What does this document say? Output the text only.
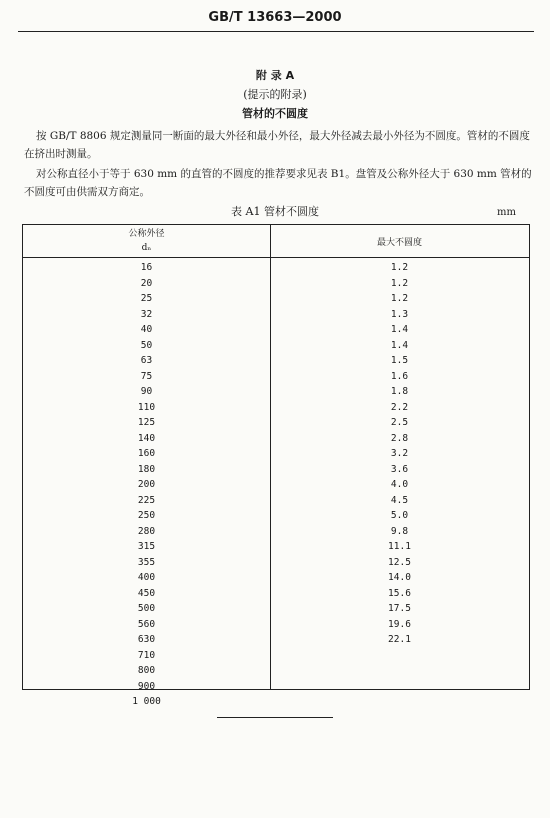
GB/T 13663—2000
附 录 A
(提示的附录)
管材的不圆度
按 GB/T 8806 规定测量同一断面的最大外径和最小外径，最大外径减去最小外径为不圆度。管材的不圆度在挤出时测量。
对公称直径小于等于 630 mm 的直管的不圆度的推荐要求见表 B1。盘管及公称外径大于 630 mm 管材的不圆度可由供需双方商定。
表 A1 管材不圆度	mm
公称外径
dₙ	最大不圆度
16	1.2
20	1.2
25	1.2
32	1.3
40	1.4
50	1.4
63	1.5
75	1.6
90	1.8
110	2.2
125	2.5
140	2.8
160	3.2
180	3.6
200	4.0
225	4.5
250	5.0
280	9.8
315	11.1
355	12.5
400	14.0
450	15.6
500	17.5
560	19.6
630	22.1
710
800
900
1 000
